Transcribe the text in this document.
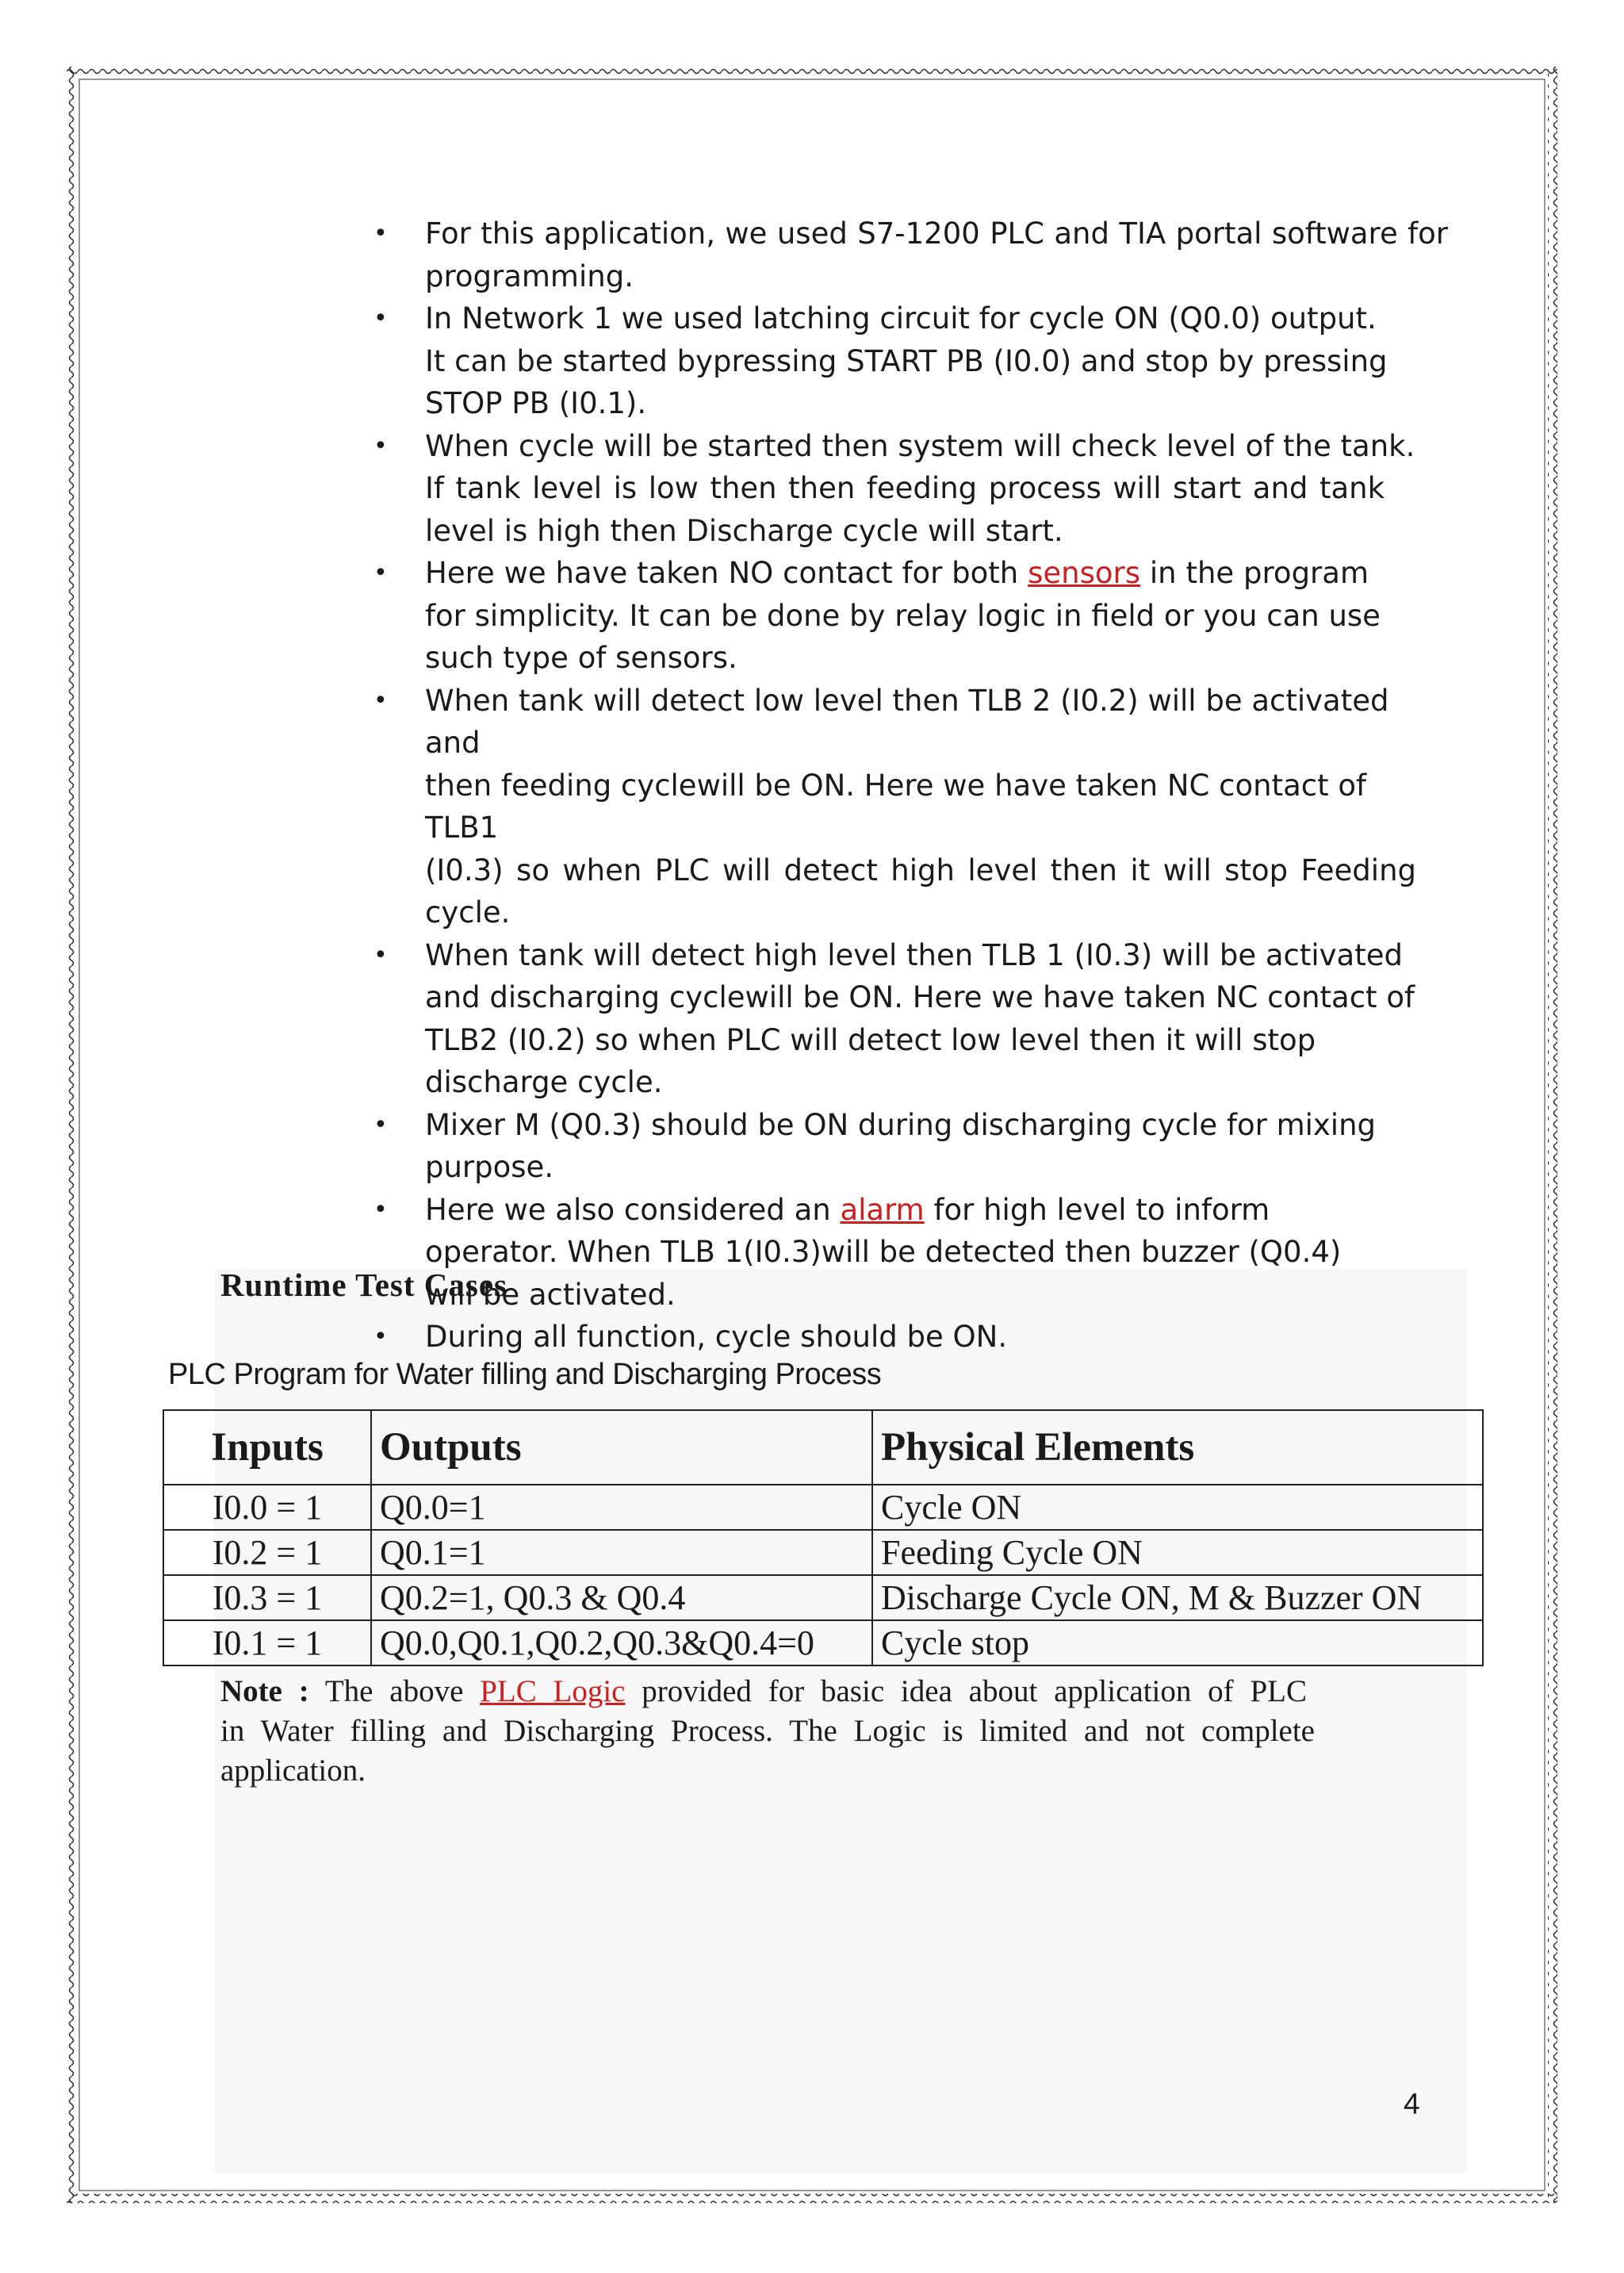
• For this application, we used S7-1200 PLC and TIA portal software for
programming.
• In Network 1 we used latching circuit for cycle ON (Q0.0) output.
It can be started bypressing START PB (I0.0) and stop by pressing
STOP PB (I0.1).
• When cycle will be started then system will check level of the tank.
If tank level is low then then feeding process will start and tank
level is high then Discharge cycle will start.
• Here we have taken NO contact for both sensors in the program
for simplicity. It can be done by relay logic in field or you can use
such type of sensors.
• When tank will detect low level then TLB 2 (I0.2) will be activated and
then feeding cyclewill be ON. Here we have taken NC contact of TLB1
(I0.3) so when PLC will detect high level then it will stop Feeding
cycle.
• When tank will detect high level then TLB 1 (I0.3) will be activated
and discharging cyclewill be ON. Here we have taken NC contact of
TLB2 (I0.2) so when PLC will detect low level then it will stop
discharge cycle.
• Mixer M (Q0.3) should be ON during discharging cycle for mixing
purpose.
• Here we also considered an alarm for high level to inform
operator. When TLB 1(I0.3)will be detected then buzzer (Q0.4)
will be activated.
• During all function, cycle should be ON.
Runtime Test Cases
PLC Program for Water filling and Discharging Process
Inputs	Outputs	Physical Elements
I0.0 = 1	Q0.0=1	Cycle ON
I0.2 = 1	Q0.1=1	Feeding Cycle ON
I0.3 = 1	Q0.2=1, Q0.3 & Q0.4	Discharge Cycle ON, M & Buzzer ON
I0.1 = 1	Q0.0,Q0.1,Q0.2,Q0.3&Q0.4=0	Cycle stop
Note : The above PLC Logic provided for basic idea about application of PLC
in Water filling and Discharging Process. The Logic is limited and not complete
application.
4
